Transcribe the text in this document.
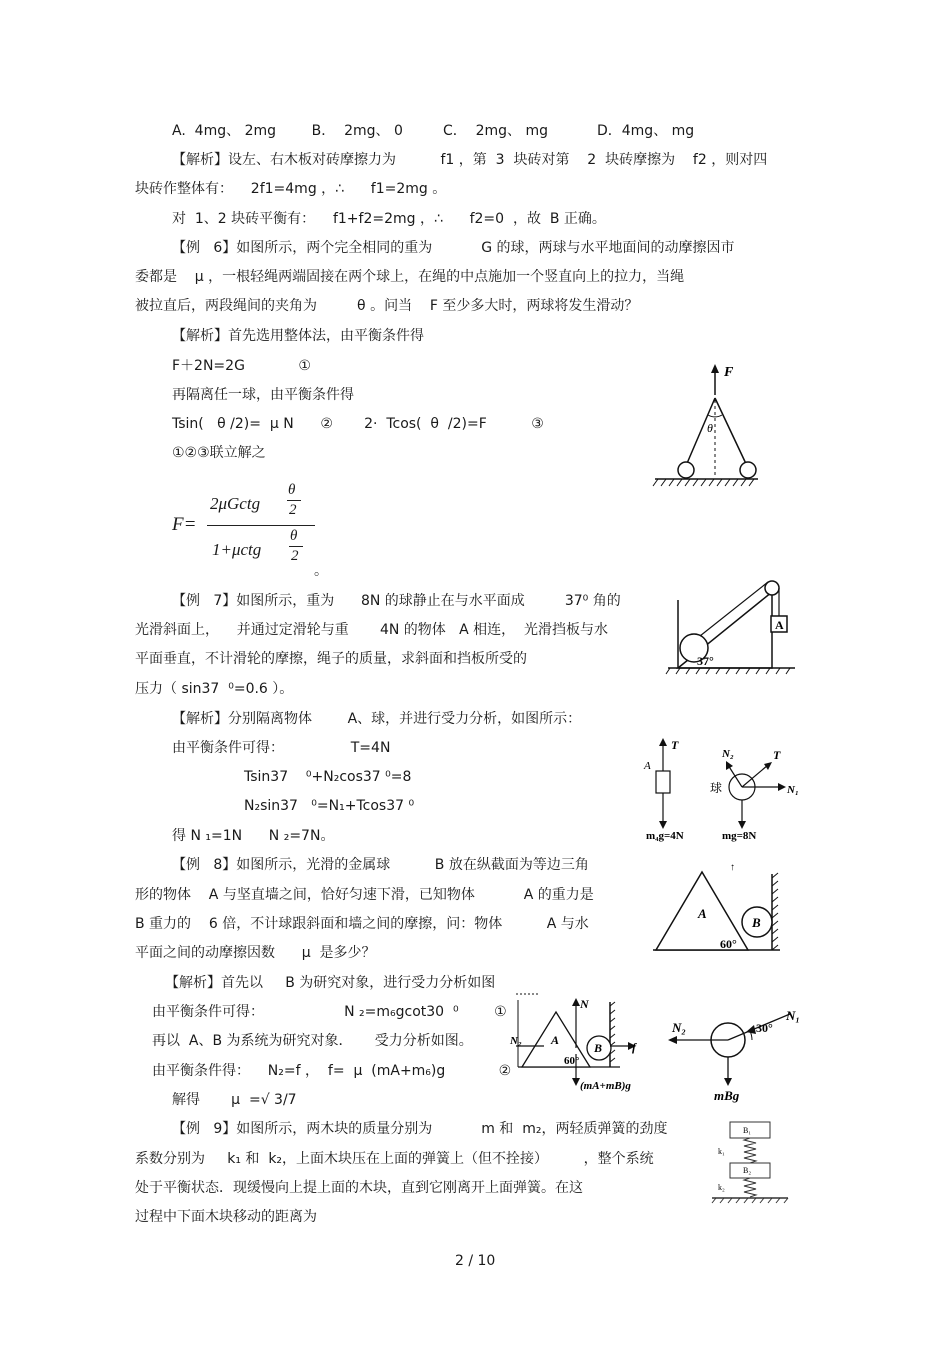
A.  4mg、 2mg        B．  2mg、 0         C．  2mg、 mg           D．4mg、 mg
【解析】设左、右木板对砖摩擦力为          f1 ，第  3  块砖对第    2  块砖摩擦为    f2 ，则对四
块砖作整体有：    2f1=4mg ，∴      f1=2mg 。
对  1、2 块砖平衡有：    f1+f2=2mg ，∴      f2=0  ，故  B 正确。
【例   6】如图所示，两个完全相同的重为           G 的球，两球与水平地面间的动摩擦因市
委都是    μ ，一根轻绳两端固接在两个球上，在绳的中点施加一个竖直向上的拉力，当绳
被拉直后，两段绳间的夹角为         θ 。问当    F 至少多大时，两球将发生滑动？
【解析】首先选用整体法，由平衡条件得
F＋2N=2G            ①
再隔离任一球，由平衡条件得
Tsin(   θ /2)=  μ N      ②       2·  Tcos(  θ  /2)=F          ③
①②③联立解之
F=
2μGctg
θ
2
1+μctg
θ
2
。
【例   7】如图所示，重为      8N 的球静止在与水平面成         37⁰ 角的
光滑斜面上，    并通过定滑轮与重       4N 的物体   A 相连，  光滑挡板与水
平面垂直，不计滑轮的摩擦，绳子的质量，求斜面和挡板所受的
压力（ sin37  ⁰=0.6 ）。
【解析】分别隔离物体        A、球，并进行受力分析，如图所示：
由平衡条件可得：               T=4N
Tsin37    ⁰+N₂cos37 ⁰=8
N₂sin37   ⁰=N₁+Tcos37 ⁰
得 N ₁=1N      N ₂=7N。
【例   8】如图所示，光滑的金属球          B 放在纵截面为等边三角
形的物体    A 与坚直墙之间，恰好匀速下滑，已知物体           A 的重力是
B 重力的    6 倍，不计球跟斜面和墙之间的摩擦，问：物体          A 与水
平面之间的动摩擦因数      μ  是多少？
【解析】首先以     B 为研究对象，进行受力分析如图
由平衡条件可得：                  N ₂=m₆gcot30  ⁰        ①
再以  A、B 为系统为研究对象．     受力分析如图。
由平衡条件得：    N₂=f ，  f=  μ  (mA+m₆)g            ②
解得       μ  =√ 3/7
【例   9】如图所示，两木块的质量分别为           m 和  m₂，两轻质弹簧的劲度
系数分别为     k₁ 和  k₂，上面木块压在上面的弹簧上（但不拴接）        ，整个系统
处于平衡状态．现缓慢向上提上面的木块，直到它刚离开上面弹簧。在这
过程中下面木块移动的距离为
F
θ
A
37°
T
A
m₄g=4N
N₂	T
N₁
球
mg=8N
↑
A
B
60°
N
N₂ A
B f
60°
(mA+mB)g
N₂
N₁
30°
mBg
B₁
k₁
B₂
k₂
2 / 10
